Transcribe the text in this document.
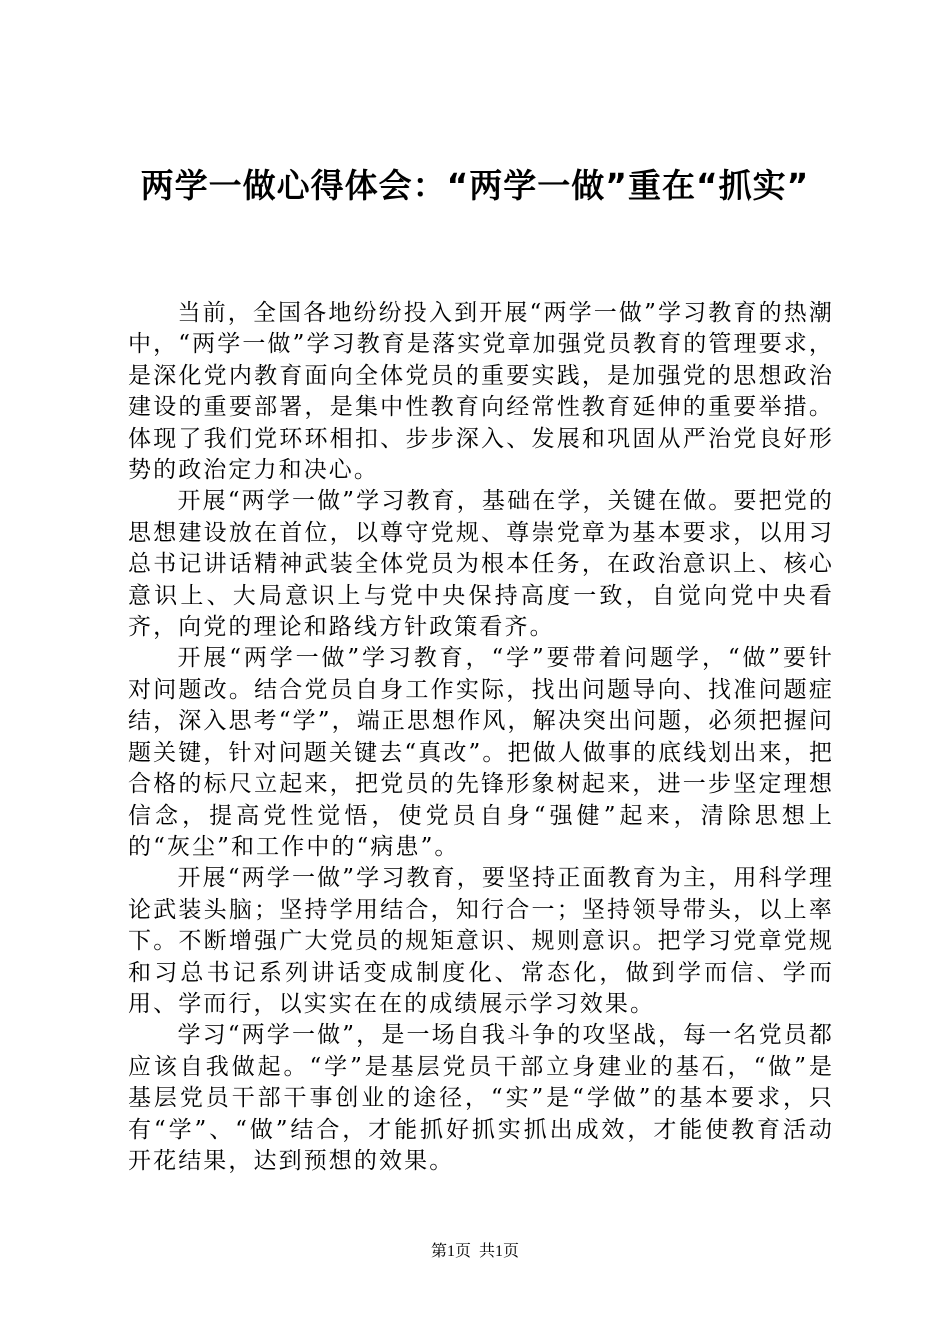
两学一做心得体会：“两学一做”重在“抓实”

当前，全国各地纷纷投入到开展“两学一做”学习教育的热潮中，“两学一做”学习教育是落实党章加强党员教育的管理要求，是深化党内教育面向全体党员的重要实践，是加强党的思想政治建设的重要部署，是集中性教育向经常性教育延伸的重要举措。体现了我们党环环相扣、步步深入、发展和巩固从严治党良好形势的政治定力和决心。

开展“两学一做”学习教育，基础在学，关键在做。要把党的思想建设放在首位，以尊守党规、尊崇党章为基本要求，以用习总书记讲话精神武装全体党员为根本任务，在政治意识上、核心意识上、大局意识上与党中央保持高度一致，自觉向党中央看齐，向党的理论和路线方针政策看齐。

开展“两学一做”学习教育，“学”要带着问题学，“做”要针对问题改。结合党员自身工作实际，找出问题导向、找准问题症结，深入思考“学”，端正思想作风，解决突出问题，必须把握问题关键，针对问题关键去“真改”。把做人做事的底线划出来，把合格的标尺立起来，把党员的先锋形象树起来，进一步坚定理想信念，提高党性觉悟，使党员自身“强健”起来，清除思想上的“灰尘”和工作中的“病患”。

开展“两学一做”学习教育，要坚持正面教育为主，用科学理论武装头脑；坚持学用结合，知行合一；坚持领导带头，以上率下。不断增强广大党员的规矩意识、规则意识。把学习党章党规和习总书记系列讲话变成制度化、常态化，做到学而信、学而用、学而行，以实实在在的成绩展示学习效果。

学习“两学一做”，是一场自我斗争的攻坚战，每一名党员都应该自我做起。“学”是基层党员干部立身建业的基石，“做”是基层党员干部干事创业的途径，“实”是“学做”的基本要求，只有“学”、“做”结合，才能抓好抓实抓出成效，才能使教育活动开花结果，达到预想的效果。

第1页 共1页
